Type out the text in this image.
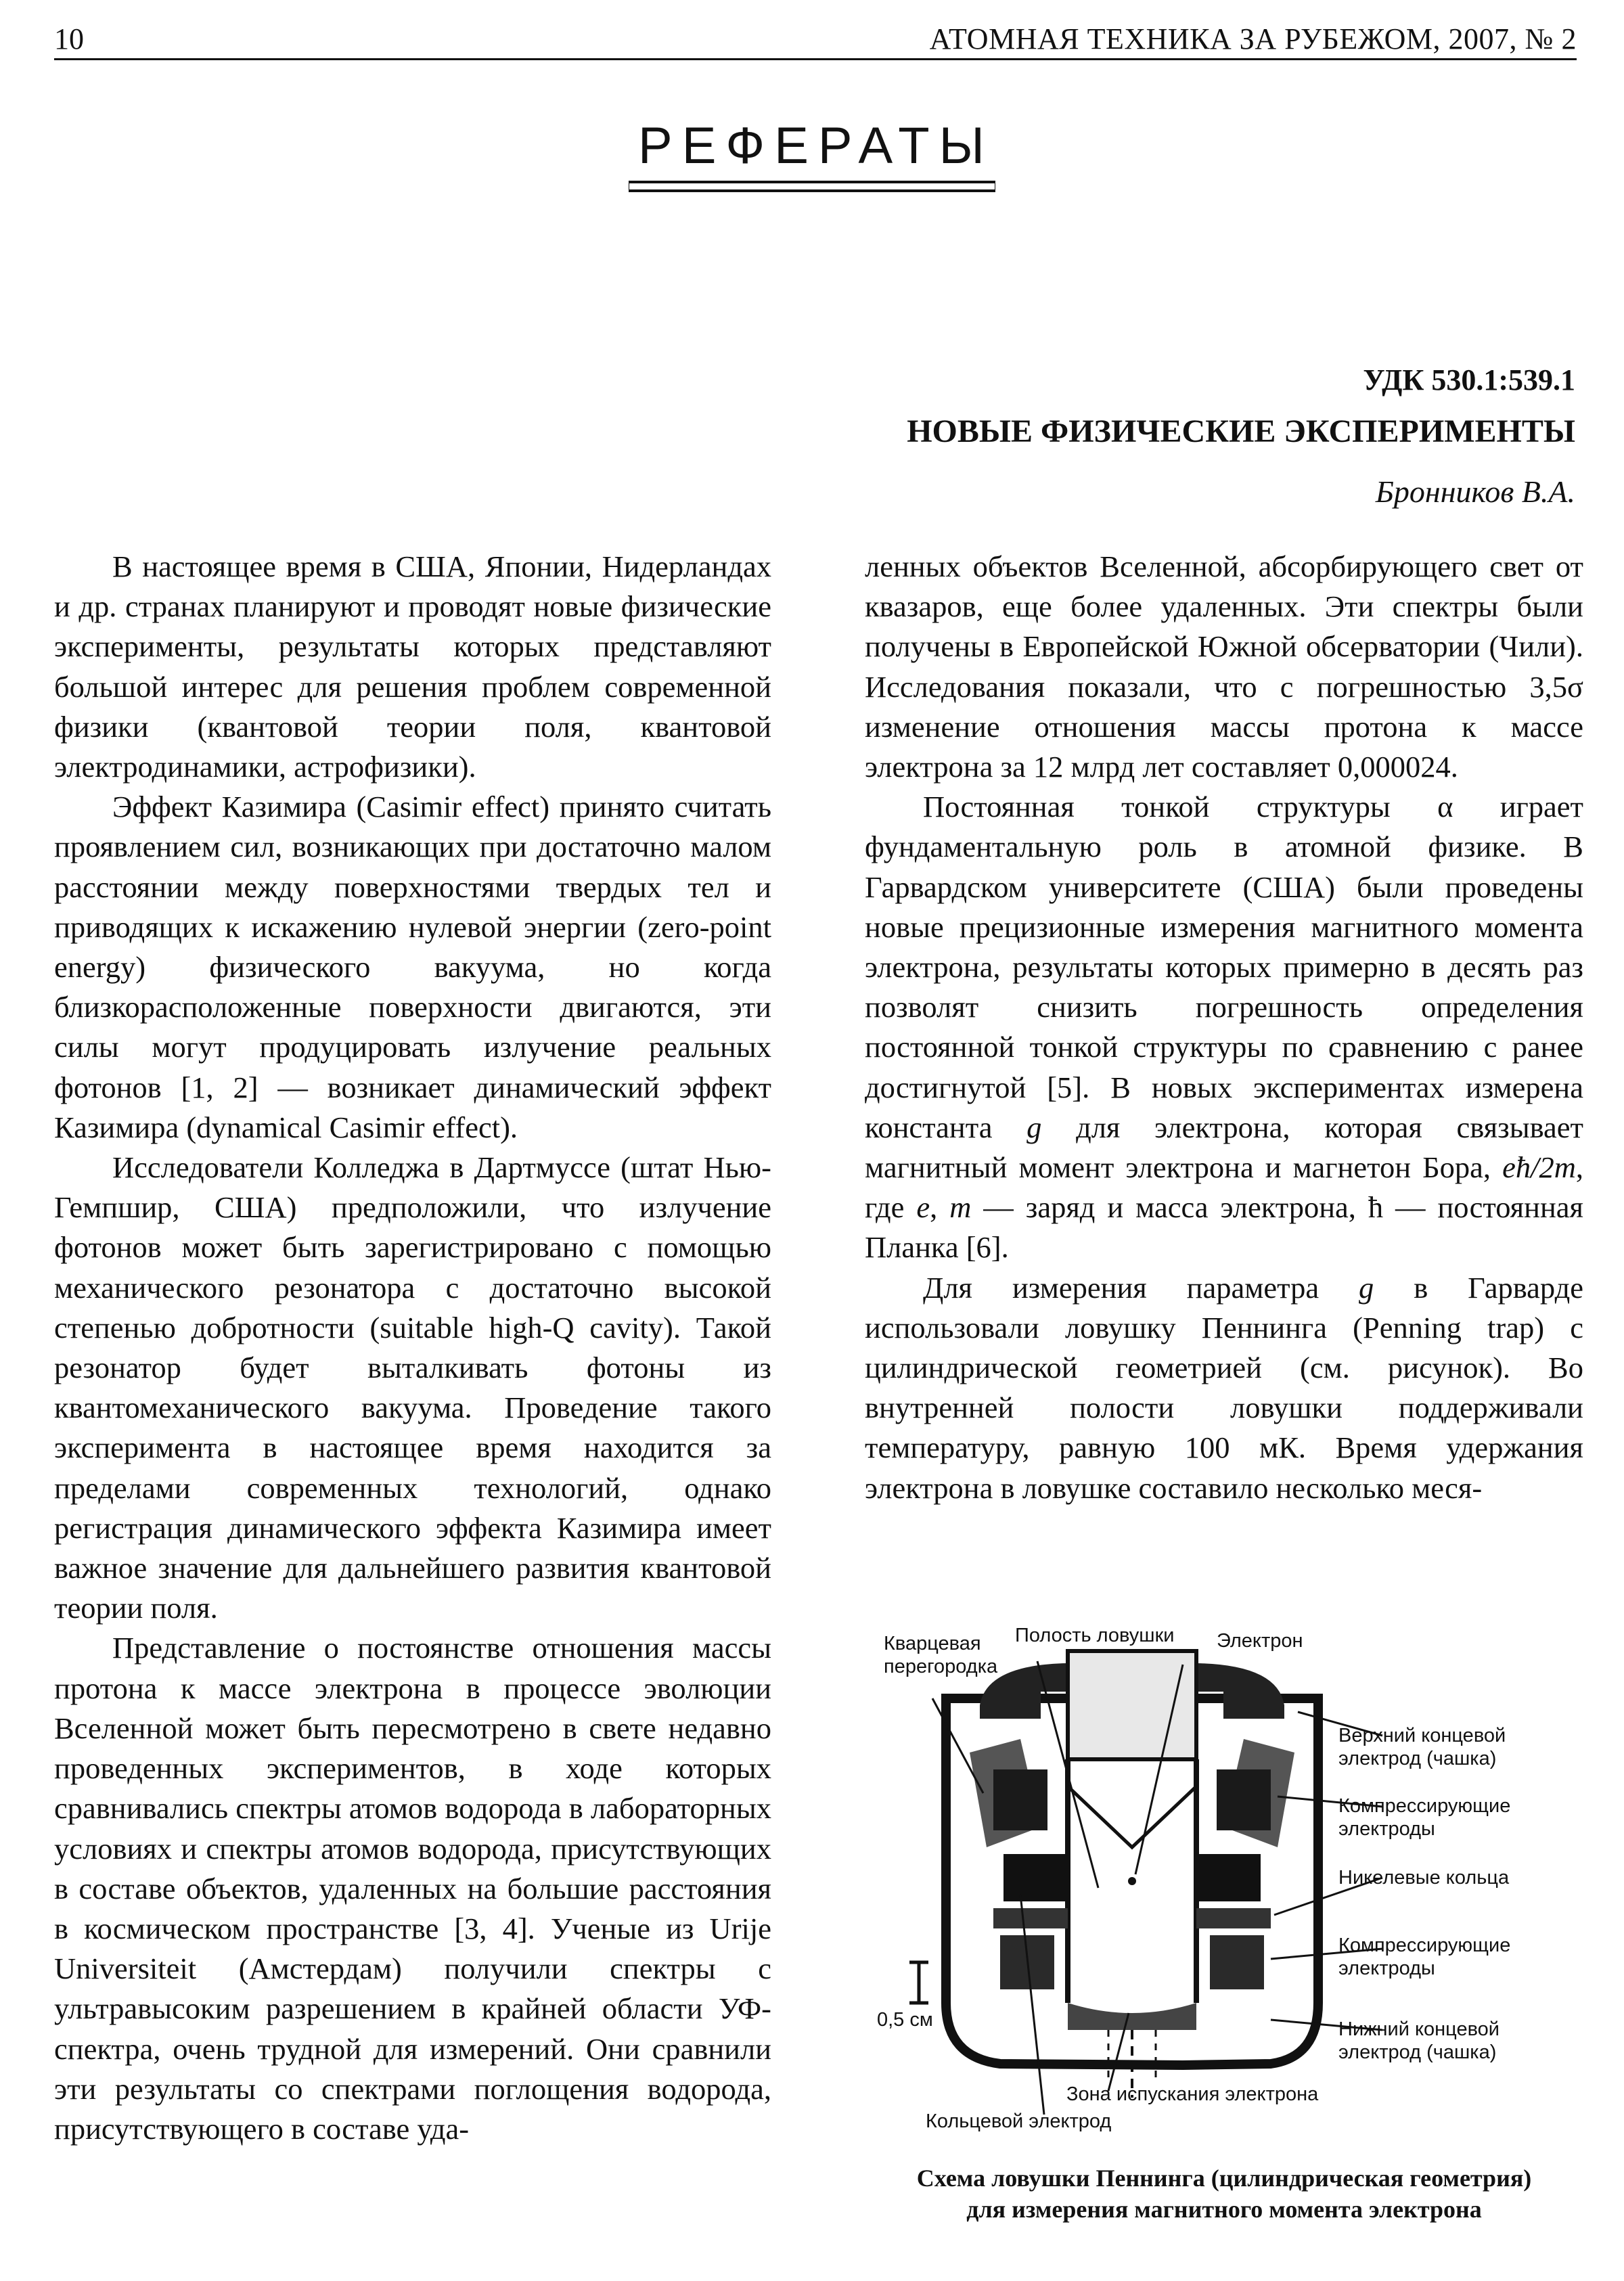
10	АТОМНАЯ ТЕХНИКА ЗА РУБЕЖОМ, 2007, № 2
РЕФЕРАТЫ
УДК 530.1:539.1
НОВЫЕ ФИЗИЧЕСКИЕ ЭКСПЕРИМЕНТЫ
Бронников В.А.

В настоящее время в США, Японии, Нидерландах и др. странах планируют и проводят новые физические эксперименты, результаты которых представляют большой интерес для решения проблем современной физики (квантовой теории поля, квантовой электродинамики, астрофизики).

Эффект Казимира (Casimir effect) принято считать проявлением сил, возникающих при достаточно малом расстоянии между поверхностями твердых тел и приводящих к искажению нулевой энергии (zero-point energy) физического вакуума, но когда близкорасположенные поверхности двигаются, эти силы могут продуцировать излучение реальных фотонов [1, 2] — возникает динамический эффект Казимира (dynamical Casimir effect).

Исследователи Колледжа в Дартмуссе (штат Нью-Гемпшир, США) предположили, что излучение фотонов может быть зарегистрировано с помощью механического резонатора с достаточно высокой степенью добротности (suitable high-Q cavity). Такой резонатор будет выталкивать фотоны из квантомеханического вакуума. Проведение такого эксперимента в настоящее время находится за пределами современных технологий, однако регистрация динамического эффекта Казимира имеет важное значение для дальнейшего развития квантовой теории поля.

Представление о постоянстве отношения массы протона к массе электрона в процессе эволюции Вселенной может быть пересмотрено в свете недавно проведенных экспериментов, в ходе которых сравнивались спектры атомов водорода в лабораторных условиях и спектры атомов водорода, присутствующих в составе объектов, удаленных на большие расстояния в космическом пространстве [3, 4]. Ученые из Urije Universiteit (Амстердам) получили спектры с ультравысоким разрешением в крайней области УФ-спектра, очень трудной для измерений. Они сравнили эти результаты со спектрами поглощения водорода, присутствующего в составе уда-

ленных объектов Вселенной, абсорбирующего свет от квазаров, еще более удаленных. Эти спектры были получены в Европейской Южной обсерватории (Чили). Исследования показали, что с погрешностью 3,5σ изменение отношения массы протона к массе электрона за 12 млрд лет составляет 0,000024.

Постоянная тонкой структуры α играет фундаментальную роль в атомной физике. В Гарвардском университете (США) были проведены новые прецизионные измерения магнитного момента электрона, результаты которых примерно в десять раз позволят снизить погрешность определения постоянной тонкой структуры по сравнению с ранее достигнутой [5]. В новых экспериментах измерена константа g для электрона, которая связывает магнитный момент электрона и магнетон Бора, eħ/2m, где e, m — заряд и масса электрона, ħ — постоянная Планка [6].

Для измерения параметра g в Гарварде использовали ловушку Пеннинга (Penning trap) с цилиндрической геометрией (см. рисунок). Во внутренней полости ловушки поддерживали температуру, равную 100 мК. Время удержания электрона в ловушке составило несколько меся-

Кварцевая
перегородка
Полость ловушки Электрон
Верхний концевой
электрод (чашка)
Компрессирующие
электроды
Никелевые кольца
Компрессирующие
электроды
Нижний концевой
электрод (чашка)
Зона испускания электрона
Кольцевой электрод
0,5 см
Схема ловушки Пеннинга (цилиндрическая геометрия)
для измерения магнитного момента электрона
